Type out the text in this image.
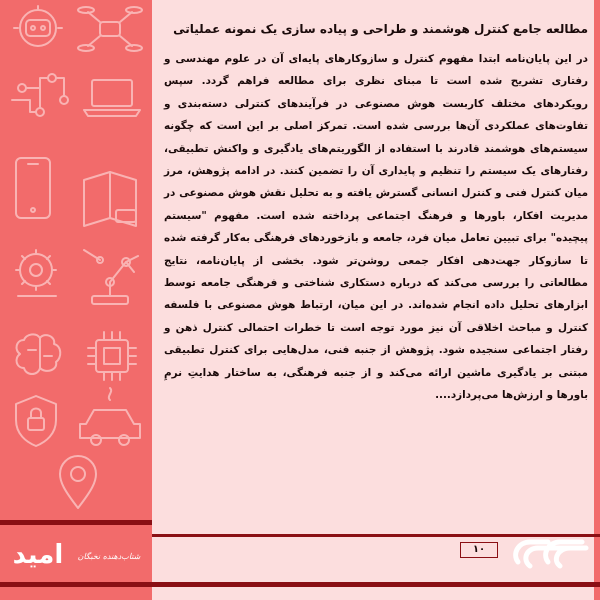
مطالعه جامع کنترل هوشمند و طراحی و پیاده سازی یک نمونه عملیاتی
در این پایان‌نامه ابتدا مفهوم کنترل و سازوکارهای پایه‌ای آن در علوم مهندسی و رفتاری تشریح شده است تا مبنای نظری برای مطالعه فراهم گردد. سپس رویکردهای مختلف کاربست هوش مصنوعی در فرآیندهای کنترلی دسته‌بندی و تفاوت‌های عملکردی آن‌ها بررسی شده است. تمرکز اصلی بر این است که چگونه سیستم‌های هوشمند قادرند با استفاده از الگوریتم‌های یادگیری و واکنش تطبیقی، رفتارهای یک سیستم را تنظیم و پایداری آن را تضمین کنند. در ادامه پژوهش، مرز میان کنترل فنی و کنترل انسانی گسترش یافته و به تحلیل نقش هوش مصنوعی در مدیریت افکار، باورها و فرهنگ اجتماعی پرداخته شده است. مفهوم "سیستم پیچیده" برای تبیین تعامل میان فرد، جامعه و بازخوردهای فرهنگی به‌کار گرفته شده تا سازوکار جهت‌دهی افکار جمعی روشن‌تر شود. بخشی از پایان‌نامه، نتایج مطالعاتی را بررسی می‌کند که درباره دستکاری شناختی و فرهنگی جامعه توسط ابزارهای تحلیل داده انجام شده‌اند. در این میان، ارتباط هوش مصنوعی با فلسفه کنترل و مباحث اخلاقی آن نیز مورد توجه است تا خطرات احتمالی کنترل ذهن و رفتار اجتماعی سنجیده شود. پژوهش از جنبه فنی، مدل‌هایی برای کنترل تطبیقی مبتنی بر یادگیری ماشین ارائه می‌کند و از جنبه فرهنگی، به ساختار هدایتِ نرمِ باورها و ارزش‌ها می‌پردازد....
امید	شتاب‌دهنده نخبگان
۱۰
